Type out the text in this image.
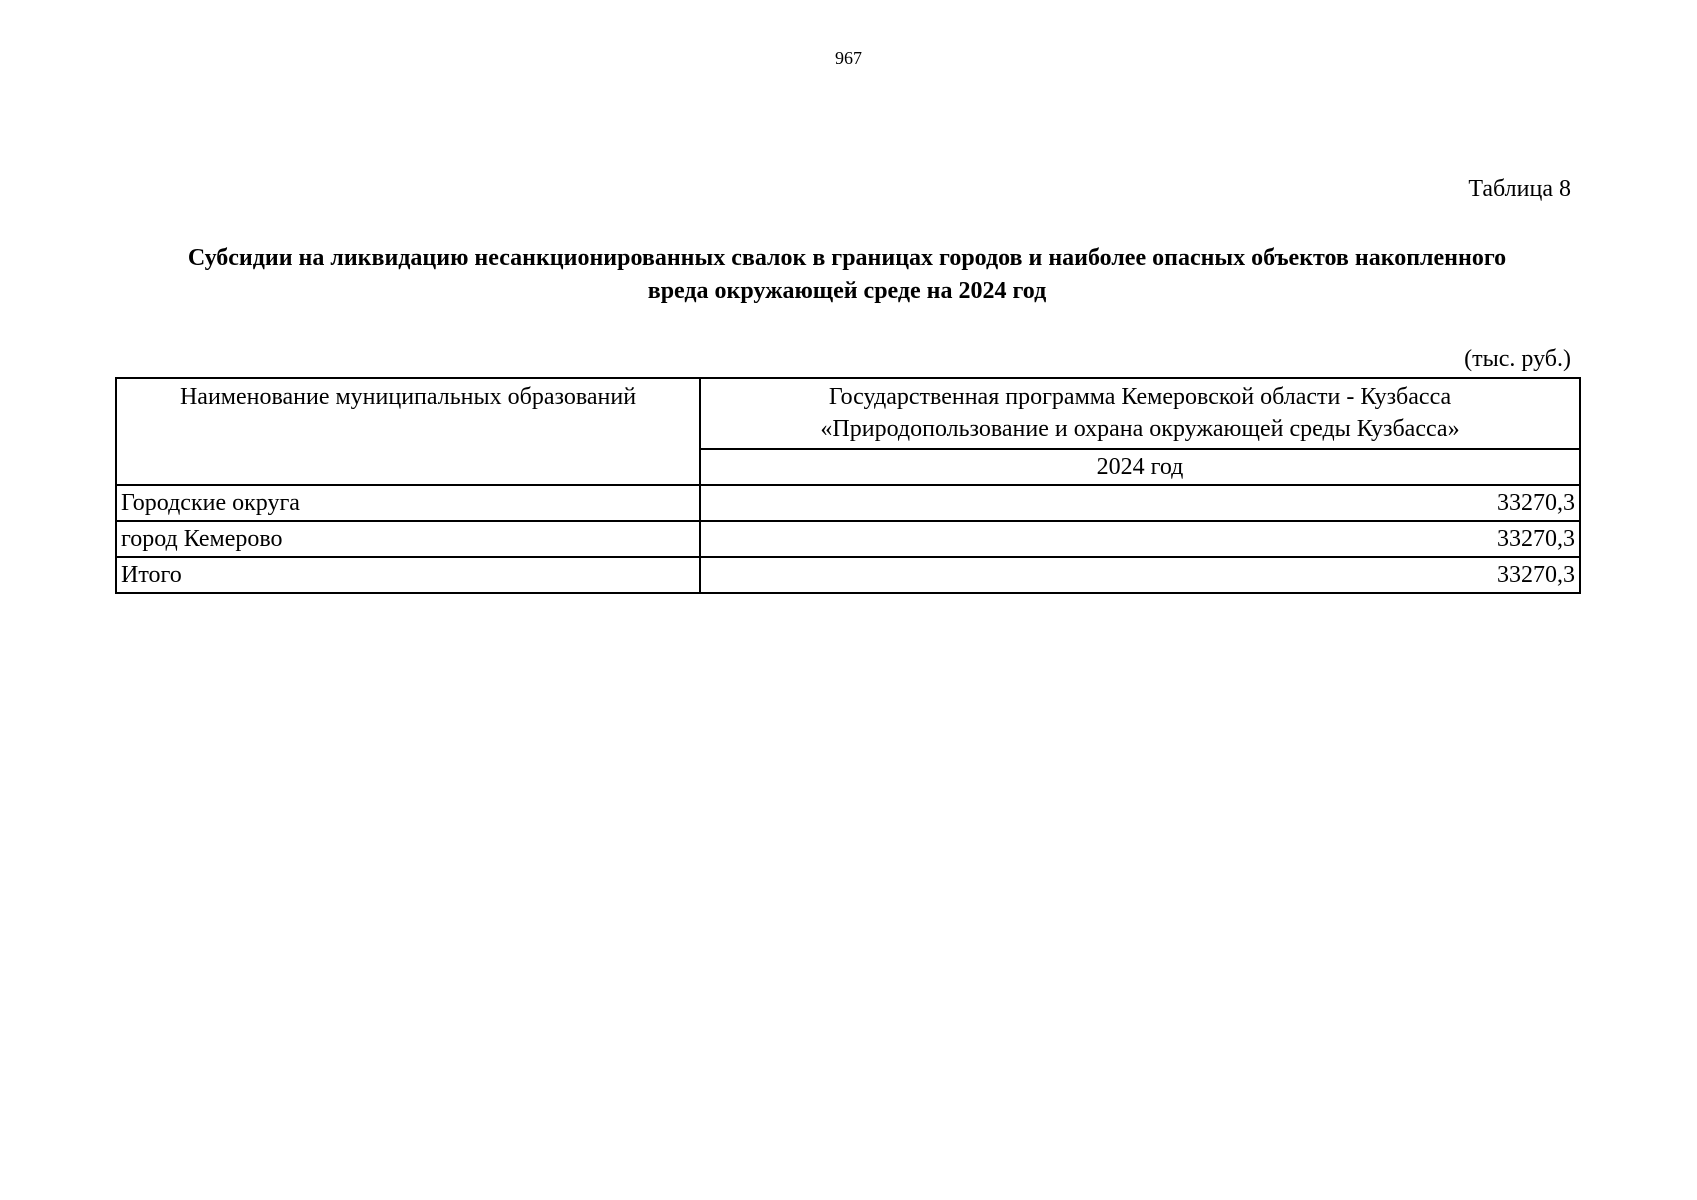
967
Таблица 8
Субсидии на ликвидацию несанкционированных свалок в границах городов и наиболее опасных объектов накопленного
вреда окружающей среде на 2024 год
(тыс. руб.)
Наименование муниципальных образований	Государственная программа Кемеровской области - Кузбасса
«Природопользование и охрана окружающей среды Кузбасса»

	2024 год
Городские округа	33270,3
город Кемерово	33270,3
Итого	33270,3
